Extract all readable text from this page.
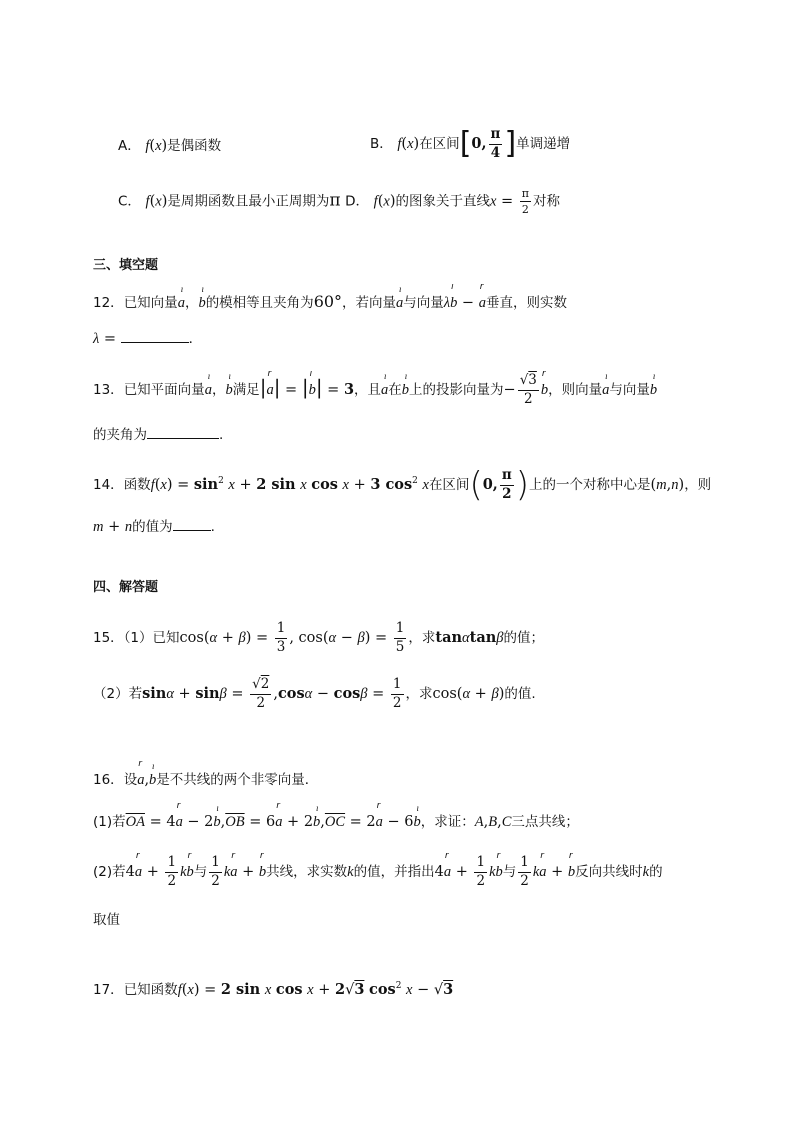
A． f(x)是偶函数	B． f(x)在区间[0, $\frac{\pi}{4}$ ]单调递增
C． f(x)是周期函数且最小正周期为π D． f(x)的图象关于直线$x = \frac{\pi}{2}$ 对称
三、填空题
12．已知向量a
ı
，b
ı
的模相等且夹角为60°，若向量a
ı
与向量λb
ı
− a
r
垂直，则实数
λ =	．
13．已知平面向量a
ı
，b
ı
满足|a
r
| = |b
ı
| = 3，且a
ı
在b
ı
上的投影向量为− $\frac{√3}{2}$ b
r
，则向量a
ı
与向量b
ı
的夹角为	.
14．函数$f(x) = \sin^2 x + 2$ sin x cos x + 3 $\cos^2 x$在区间(0, $\frac{\pi}{2}$ )上的一个对称中心是(m,n)，则
m + n的值为	.
四、解答题
15．（1）已知$\cos(\alpha + \beta) = \frac{1}{3}$ , $\cos(\alpha - \beta) = \frac{1}{5}$ ，求tanαtanβ的值；
（2）若$\sin\alpha + \sin\beta = \frac{√2}{2} ,\cos\alpha - \cos\beta = \frac{1}{2}$ ，求cos(α + β)的值.
16．设a
r
,b
ı
是不共线的两个非零向量．
(1)若$\overline{OA} = 4a$
r
− 2b
ı
$,\overline{OB} = 6a$
r
+ 2b
ı
$,\overline{OC} = 2a$
r
− 6b
ı
，求证：A,B,C三点共线；
(2)若4a
r
+ $\frac{1}{2}$ kb
r
与 $\frac{1}{2}$ ka
r
+ b
r
共线，求实数k的值，并指出4a
r
+ $\frac{1}{2}$ kb
r
与 $\frac{1}{2}$ ka
r
+ b
r
反向共线时k的
取值
17．已知函数f(x) = 2 sin x cos x + 2√3 $\cos^2 x - √3$
